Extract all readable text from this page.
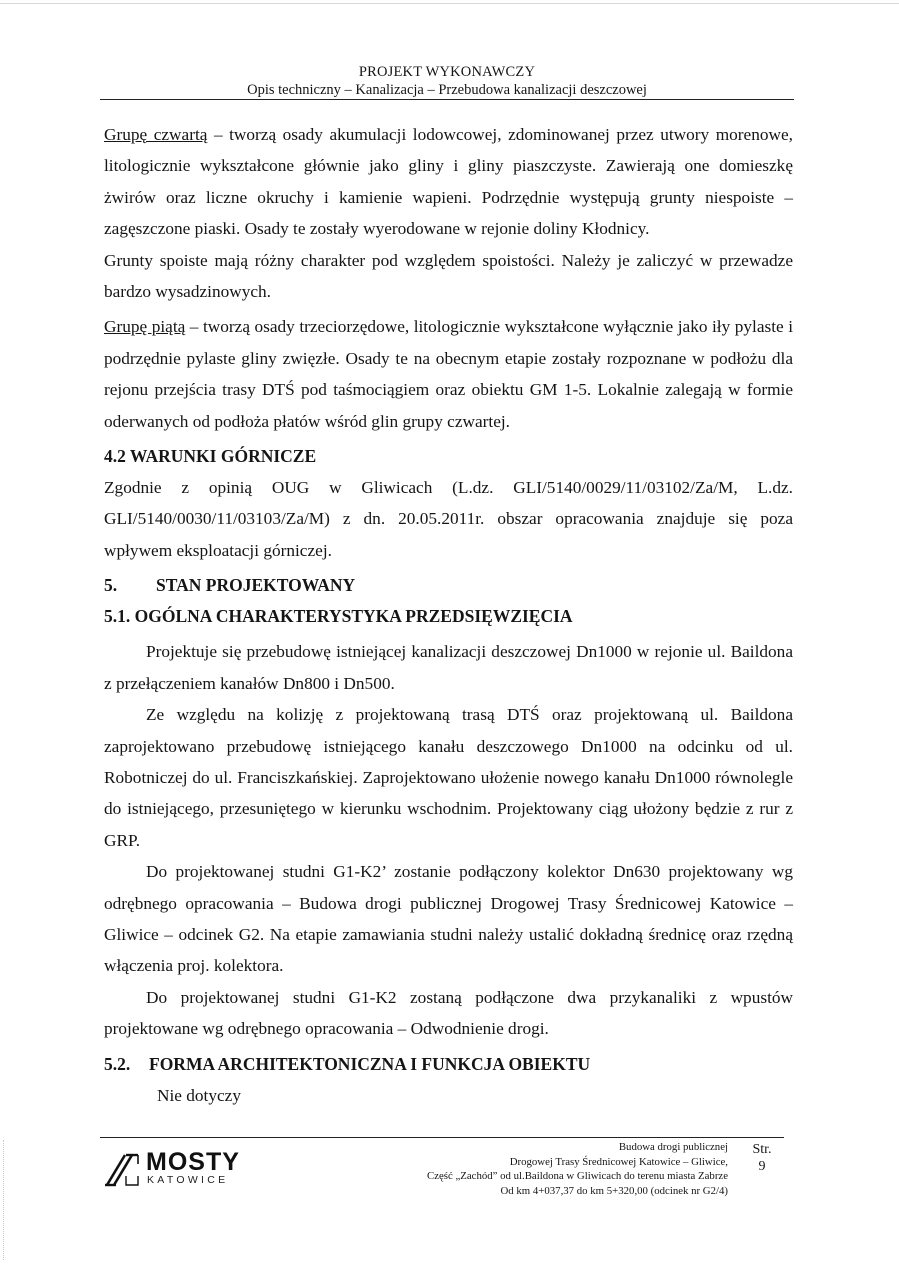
PROJEKT WYKONAWCZY
Opis techniczny – Kanalizacja – Przebudowa kanalizacji deszczowej

Grupę czwartą – tworzą osady akumulacji lodowcowej, zdominowanej przez utwory morenowe, litologicznie wykształcone głównie jako gliny i gliny piaszczyste. Zawierają one domieszkę żwirów oraz liczne okruchy i kamienie wapieni. Podrzędnie występują grunty niespoiste – zagęszczone piaski. Osady te zostały wyerodowane w rejonie doliny Kłodnicy.

Grunty spoiste mają różny charakter pod względem spoistości. Należy je zaliczyć w przewadze bardzo wysadzinowych.

Grupę piątą – tworzą osady trzeciorzędowe, litologicznie wykształcone wyłącznie jako iły pylaste i podrzędnie pylaste gliny zwięzłe. Osady te na obecnym etapie zostały rozpoznane w podłożu dla rejonu przejścia trasy DTŚ pod taśmociągiem oraz obiektu GM 1-5. Lokalnie zalegają w formie oderwanych od podłoża płatów wśród glin grupy czwartej.

4.2 WARUNKI GÓRNICZE

Zgodnie z opinią OUG w Gliwicach (L.dz. GLI/5140/0029/11/03102/Za/M, L.dz. GLI/5140/0030/11/03103/Za/M) z dn. 20.05.2011r. obszar opracowania znajduje się poza wpływem eksploatacji górniczej.

5. STAN PROJEKTOWANY
5.1. OGÓLNA CHARAKTERYSTYKA PRZEDSIĘWZIĘCIA

Projektuje się przebudowę istniejącej kanalizacji deszczowej Dn1000 w rejonie ul. Baildona z przełączeniem kanałów Dn800 i Dn500.

Ze względu na kolizję z projektowaną trasą DTŚ oraz projektowaną ul. Baildona zaprojektowano przebudowę istniejącego kanału deszczowego Dn1000 na odcinku od ul. Robotniczej do ul. Franciszkańskiej. Zaprojektowano ułożenie nowego kanału Dn1000 równolegle do istniejącego, przesuniętego w kierunku wschodnim. Projektowany ciąg ułożony będzie z rur z GRP.

Do projektowanej studni G1-K2’ zostanie podłączony kolektor Dn630 projektowany wg odrębnego opracowania – Budowa drogi publicznej Drogowej Trasy Średnicowej Katowice – Gliwice – odcinek G2. Na etapie zamawiania studni należy ustalić dokładną średnicę oraz rzędną włączenia proj. kolektora.

Do projektowanej studni G1-K2 zostaną podłączone dwa przykanaliki z wpustów projektowane wg odrębnego opracowania – Odwodnienie drogi.

5.2. FORMA ARCHITEKTONICZNA I FUNKCJA OBIEKTU

Nie dotyczy

MOSTY
KATOWICE
Budowa drogi publicznej
Drogowej Trasy Średnicowej Katowice – Gliwice,
Część „Zachód” od ul.Baildona w Gliwicach do terenu miasta Zabrze
Od km 4+037,37 do km 5+320,00 (odcinek nr G2/4)
Str.
9
